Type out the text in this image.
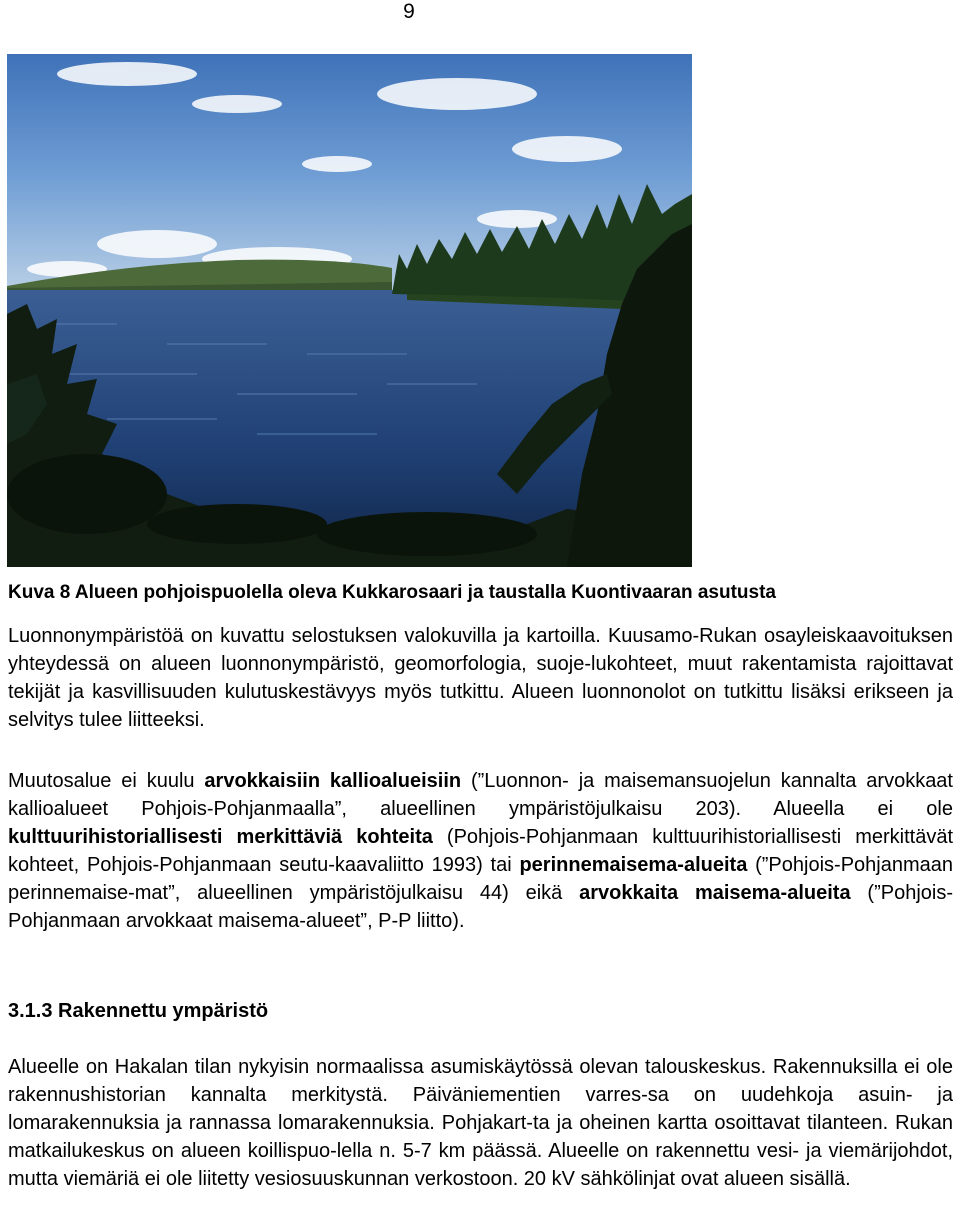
9
Kuva 8 Alueen pohjoispuolella oleva Kukkarosaari ja taustalla Kuontivaaran asutusta
Luonnonympäristöä on kuvattu selostuksen valokuvilla ja kartoilla. Kuusamo-Rukan osayleiskaavoituksen yhteydessä on alueen luonnonympäristö, geomorfologia, suoje-lukohteet, muut rakentamista rajoittavat tekijät ja kasvillisuuden kulutuskestävyys myös tutkittu. Alueen luonnonolot on tutkittu lisäksi erikseen ja selvitys tulee liitteeksi.
Muutosalue ei kuulu arvokkaisiin kallioalueisiin (”Luonnon- ja maisemansuojelun kannalta arvokkaat kallioalueet Pohjois-Pohjanmaalla”, alueellinen ympäristöjulkaisu 203). Alueella ei ole kulttuurihistoriallisesti merkittäviä kohteita (Pohjois-Pohjanmaan kulttuurihistoriallisesti merkittävät kohteet, Pohjois-Pohjanmaan seutu-kaavaliitto 1993) tai perinnemaisema-alueita (”Pohjois-Pohjanmaan perinnemaise-mat”, alueellinen ympäristöjulkaisu 44) eikä arvokkaita maisema-alueita (”Pohjois-Pohjanmaan arvokkaat maisema-alueet”, P-P liitto).
3.1.3 Rakennettu ympäristö
Alueelle on Hakalan tilan nykyisin normaalissa asumiskäytössä olevan talouskeskus. Rakennuksilla ei ole rakennushistorian kannalta merkitystä. Päiväniementien varres-sa on uudehkoja asuin- ja lomarakennuksia ja rannassa lomarakennuksia. Pohjakart-ta ja oheinen kartta osoittavat tilanteen. Rukan matkailukeskus on alueen koillispuo-lella n. 5-7 km päässä. Alueelle on rakennettu vesi- ja viemärijohdot, mutta viemäriä ei ole liitetty vesiosuuskunnan verkostoon. 20 kV sähkölinjat ovat alueen sisällä.
